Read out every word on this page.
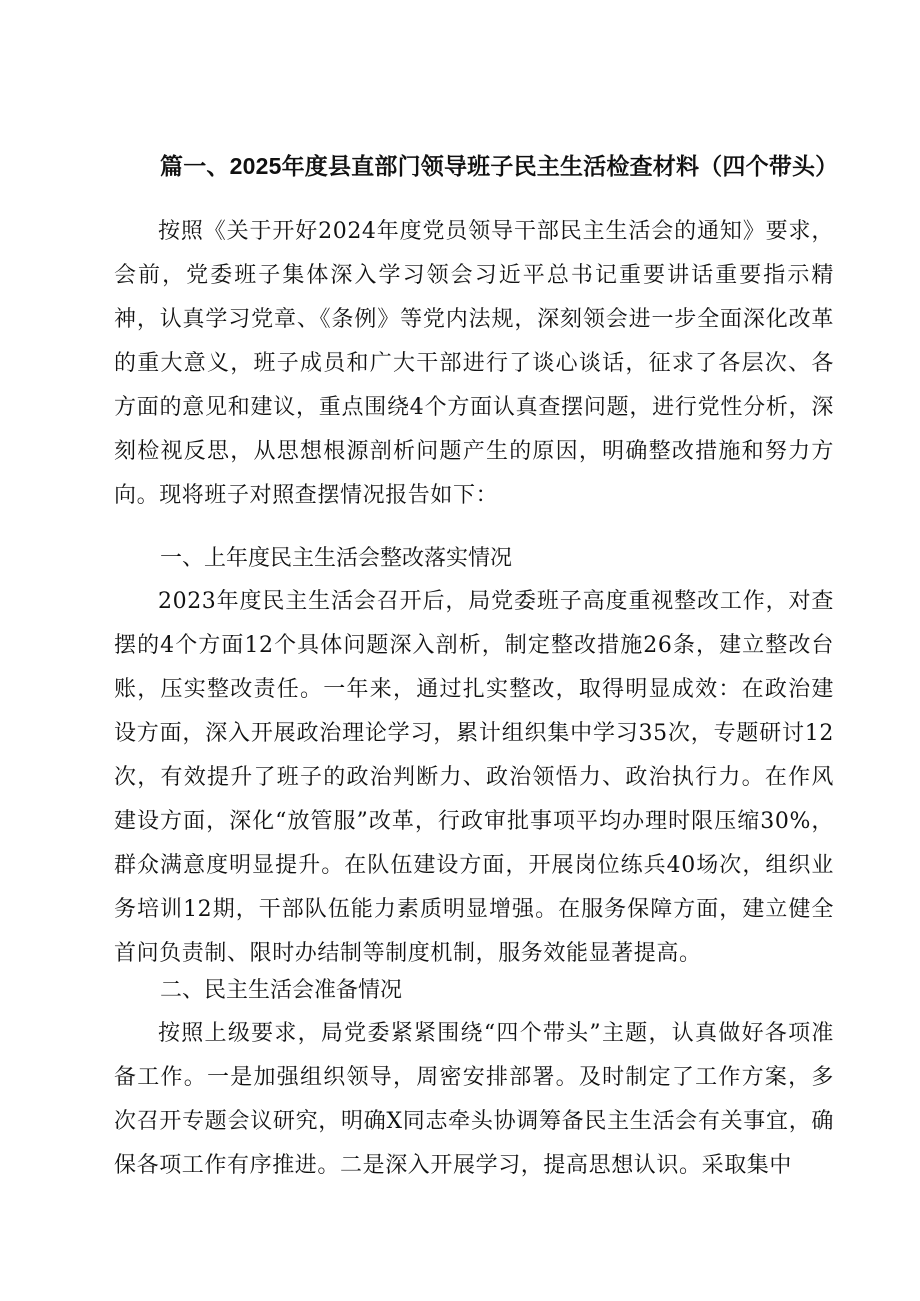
篇一、2025年度县直部门领导班子民主生活检查材料（四个带头）

按照《关于开好2024年度党员领导干部民主生活会的通知》要求，会前，党委班子集体深入学习领会习近平总书记重要讲话重要指示精神，认真学习党章、《条例》等党内法规，深刻领会进一步全面深化改革的重大意义，班子成员和广大干部进行了谈心谈话，征求了各层次、各方面的意见和建议，重点围绕4个方面认真查摆问题，进行党性分析，深刻检视反思，从思想根源剖析问题产生的原因，明确整改措施和努力方向。现将班子对照查摆情况报告如下：

一、上年度民主生活会整改落实情况

2023年度民主生活会召开后，局党委班子高度重视整改工作，对查摆的4个方面12个具体问题深入剖析，制定整改措施26条，建立整改台账，压实整改责任。一年来，通过扎实整改，取得明显成效：在政治建设方面，深入开展政治理论学习，累计组织集中学习35次，专题研讨12次，有效提升了班子的政治判断力、政治领悟力、政治执行力。在作风建设方面，深化“放管服”改革，行政审批事项平均办理时限压缩30%，群众满意度明显提升。在队伍建设方面，开展岗位练兵40场次，组织业务培训12期，干部队伍能力素质明显增强。在服务保障方面，建立健全首问负责制、限时办结制等制度机制，服务效能显著提高。

二、民主生活会准备情况

按照上级要求，局党委紧紧围绕“四个带头”主题，认真做好各项准备工作。一是加强组织领导，周密安排部署。及时制定了工作方案，多次召开专题会议研究，明确X同志牵头协调筹备民主生活会有关事宜，确保各项工作有序推进。二是深入开展学习，提高思想认识。采取集中
